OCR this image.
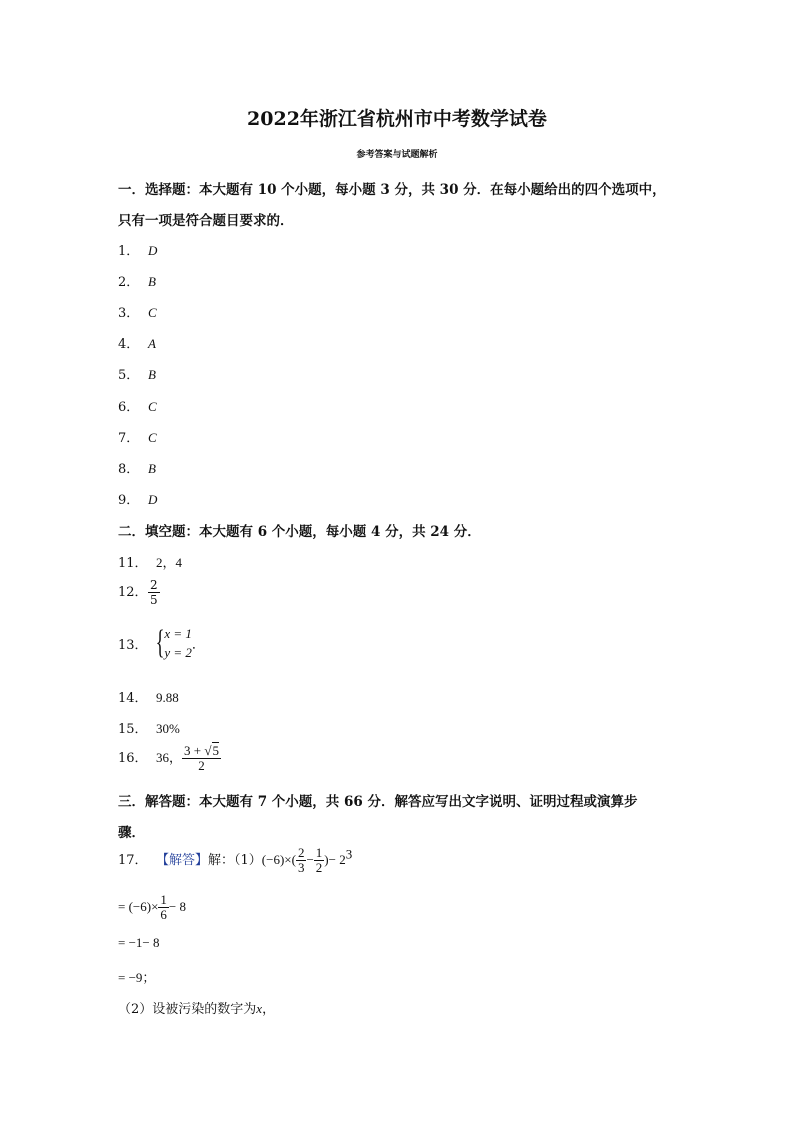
2022年浙江省杭州市中考数学试卷
参考答案与试题解析
一．选择题：本大题有 10 个小题，每小题 3 分，共 30 分．在每小题给出的四个选项中，
只有一项是符合题目要求的．
1． D
2． B
3． C
4． A
5． B
6． C
7． C
8． B
9． D
二．填空题：本大题有 6 个小题，每小题 4 分，共 24 分．
11． 2，4
12． $\frac{2}{5}$
13． { x = 1
y = 2 ．
14． 9.88
15． 30%
16． 36， $\frac{3 + √5}{2}$
三．解答题：本大题有 7 个小题，共 66 分．解答应写出文字说明、证明过程或演算步
骤．
17． 【解答】解：$(1)(-6)\times( \frac{2}{3} - \frac{1}{2}$ )− $2^3$
= $(-6)\times \frac{1}{6} - 8$
= −1− 8
= −9；
（2）设被污染的数字为x，
